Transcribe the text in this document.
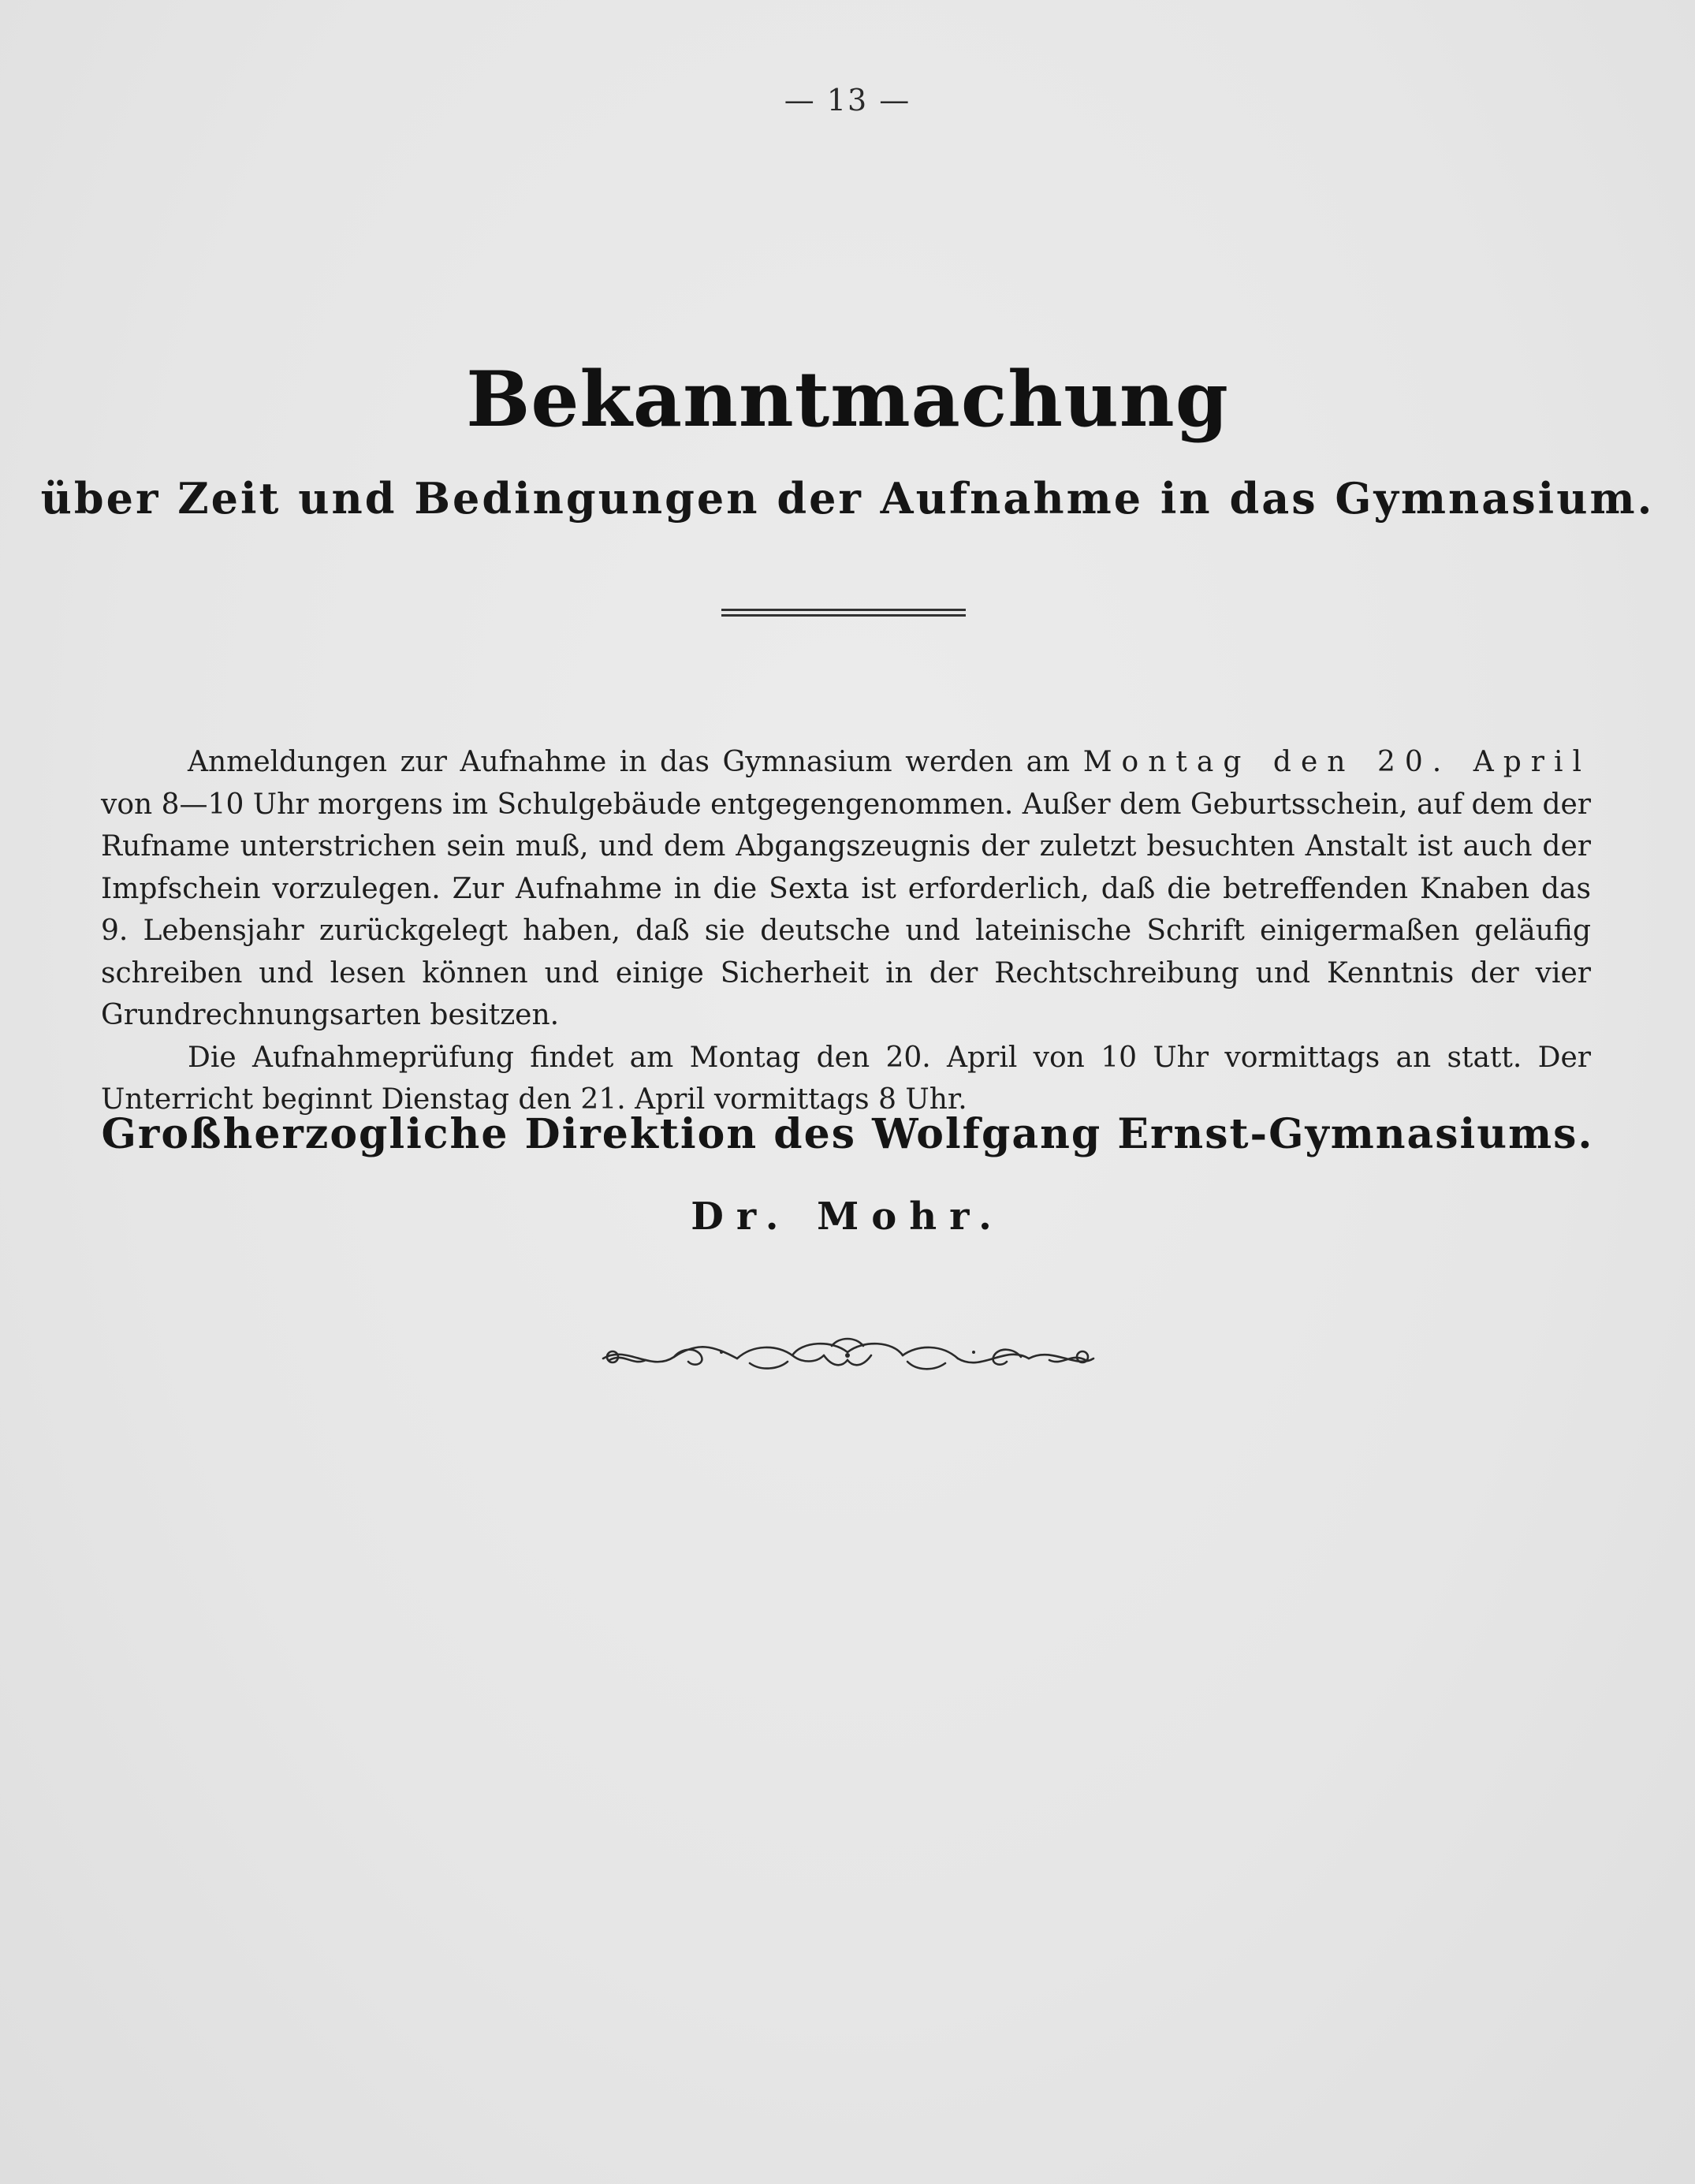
— 13 —
Bekanntmachung
über Zeit und Bedingungen der Aufnahme in das Gymnasium.

Anmeldungen zur Aufnahme in das Gymnasium werden am Montag den 20. April von 8—10 Uhr morgens im Schulgebäude entgegengenommen. Außer dem Geburtsschein, auf dem der Rufname unterstrichen sein muß, und dem Abgangszeugnis der zuletzt besuchten Anstalt ist auch der Impfschein vorzulegen. Zur Aufnahme in die Sexta ist erforderlich, daß die betreffenden Knaben das 9. Lebensjahr zurückgelegt haben, daß sie deutsche und lateinische Schrift einigermaßen geläufig schreiben und lesen können und einige Sicherheit in der Rechtschreibung und Kenntnis der vier Grundrechnungsarten besitzen.

Die Aufnahmeprüfung findet am Montag den 20. April von 10 Uhr vormittags an statt. Der Unterricht beginnt Dienstag den 21. April vormittags 8 Uhr.

Großherzogliche Direktion des Wolfgang Ernst-Gymnasiums.
Dr. Mohr.
